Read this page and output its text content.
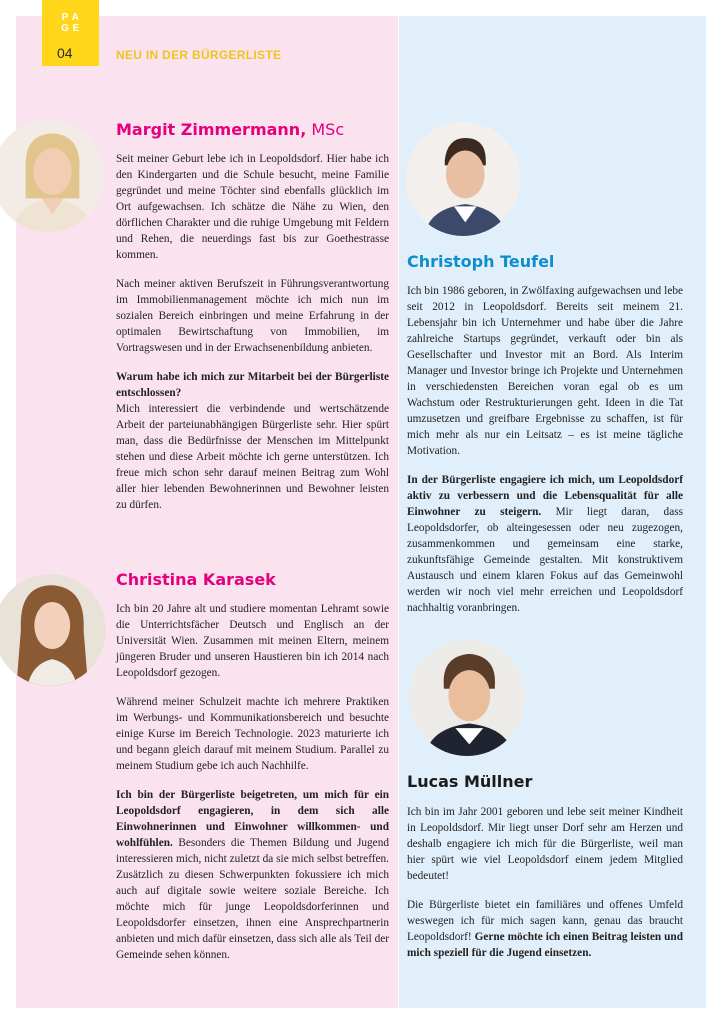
P A
G E
04	NEU IN DER BÜRGERLISTE
Margit Zimmermann, MSc

Seit meiner Geburt lebe ich in Leopoldsdorf. Hier habe ich den Kindergarten und die Schule besucht, meine Familie gegründet und meine Töchter sind ebenfalls glücklich im Ort aufgewachsen. Ich schätze die Nähe zu Wien, den dörflichen Charakter und die ruhige Umgebung mit Feldern und Rehen, die neuerdings fast bis zur Goethestrasse kommen.

Nach meiner aktiven Berufszeit in Führungsverantwortung im Immobilienmanagement möchte ich mich nun im sozialen Bereich einbringen und meine Erfahrung in der optimalen Bewirtschaftung von Immobilien, im Vortragswesen und in der Erwachsenenbildung anbieten.

Warum habe ich mich zur Mitarbeit bei der Bürgerliste entschlossen?

Mich interessiert die verbindende und wertschätzende Arbeit der parteiunabhängigen Bürgerliste sehr. Hier spürt man, dass die Bedürfnisse der Menschen im Mittelpunkt stehen und diese Arbeit möchte ich gerne unterstützen. Ich freue mich schon sehr darauf meinen Beitrag zum Wohl aller hier lebenden Bewohnerinnen und Bewohner leisten zu dürfen.

Christina Karasek

Ich bin 20 Jahre alt und studiere momentan Lehramt sowie die Unterrichtsfächer Deutsch und Englisch an der Universität Wien. Zusammen mit meinen Eltern, meinem jüngeren Bruder und unseren Haustieren bin ich 2014 nach Leopoldsdorf gezogen.

Während meiner Schulzeit machte ich mehrere Praktiken im Werbungs- und Kommunikationsbereich und besuchte einige Kurse im Bereich Technologie. 2023 maturierte ich und begann gleich darauf mit meinem Studium. Parallel zu meinem Studium gebe ich auch Nachhilfe.

Ich bin der Bürgerliste beigetreten, um mich für ein Leopoldsdorf engagieren, in dem sich alle Einwohnerinnen und Einwohner willkommen- und wohlfühlen. Besonders die Themen Bildung und Jugend interessieren mich, nicht zuletzt da sie mich selbst betreffen. Zusätzlich zu diesen Schwerpunkten fokussiere ich mich auch auf digitale sowie weitere soziale Bereiche. Ich möchte mich für junge Leopoldsdorferinnen und Leopoldsdorfer einsetzen, ihnen eine Ansprechpartnerin anbieten und mich dafür einsetzen, dass sich alle als Teil der Gemeinde sehen können.

Christoph Teufel

Ich bin 1986 geboren, in Zwölfaxing aufgewachsen und lebe seit 2012 in Leopoldsdorf. Bereits seit meinem 21. Lebensjahr bin ich Unternehmer und habe über die Jahre zahlreiche Startups gegründet, verkauft oder bin als Gesellschafter und Investor mit an Bord. Als Interim Manager und Investor bringe ich Projekte und Unternehmen in verschiedensten Bereichen voran egal ob es um Wachstum oder Restrukturierungen geht. Ideen in die Tat umzusetzen und greifbare Ergebnisse zu schaffen, ist für mich mehr als nur ein Leitsatz – es ist meine tägliche Motivation.

In der Bürgerliste engagiere ich mich, um Leopoldsdorf aktiv zu verbessern und die Lebensqualität für alle Einwohner zu steigern. Mir liegt daran, dass Leopoldsdorfer, ob alteingesessen oder neu zugezogen, zusammenkommen und gemeinsam eine starke, zukunftsfähige Gemeinde gestalten. Mit konstruktivem Austausch und einem klaren Fokus auf das Gemeinwohl werden wir noch viel mehr erreichen und Leopoldsdorf nachhaltig voranbringen.

Lucas Müllner

Ich bin im Jahr 2001 geboren und lebe seit meiner Kindheit in Leopoldsdorf. Mir liegt unser Dorf sehr am Herzen und deshalb engagiere ich mich für die Bürgerliste, weil man hier spürt wie viel Leopoldsdorf einem jedem Mitglied bedeutet!

Die Bürgerliste bietet ein familiäres und offenes Umfeld weswegen ich für mich sagen kann, genau das braucht Leopoldsdorf! Gerne möchte ich einen Beitrag leisten und mich speziell für die Jugend einsetzen.
